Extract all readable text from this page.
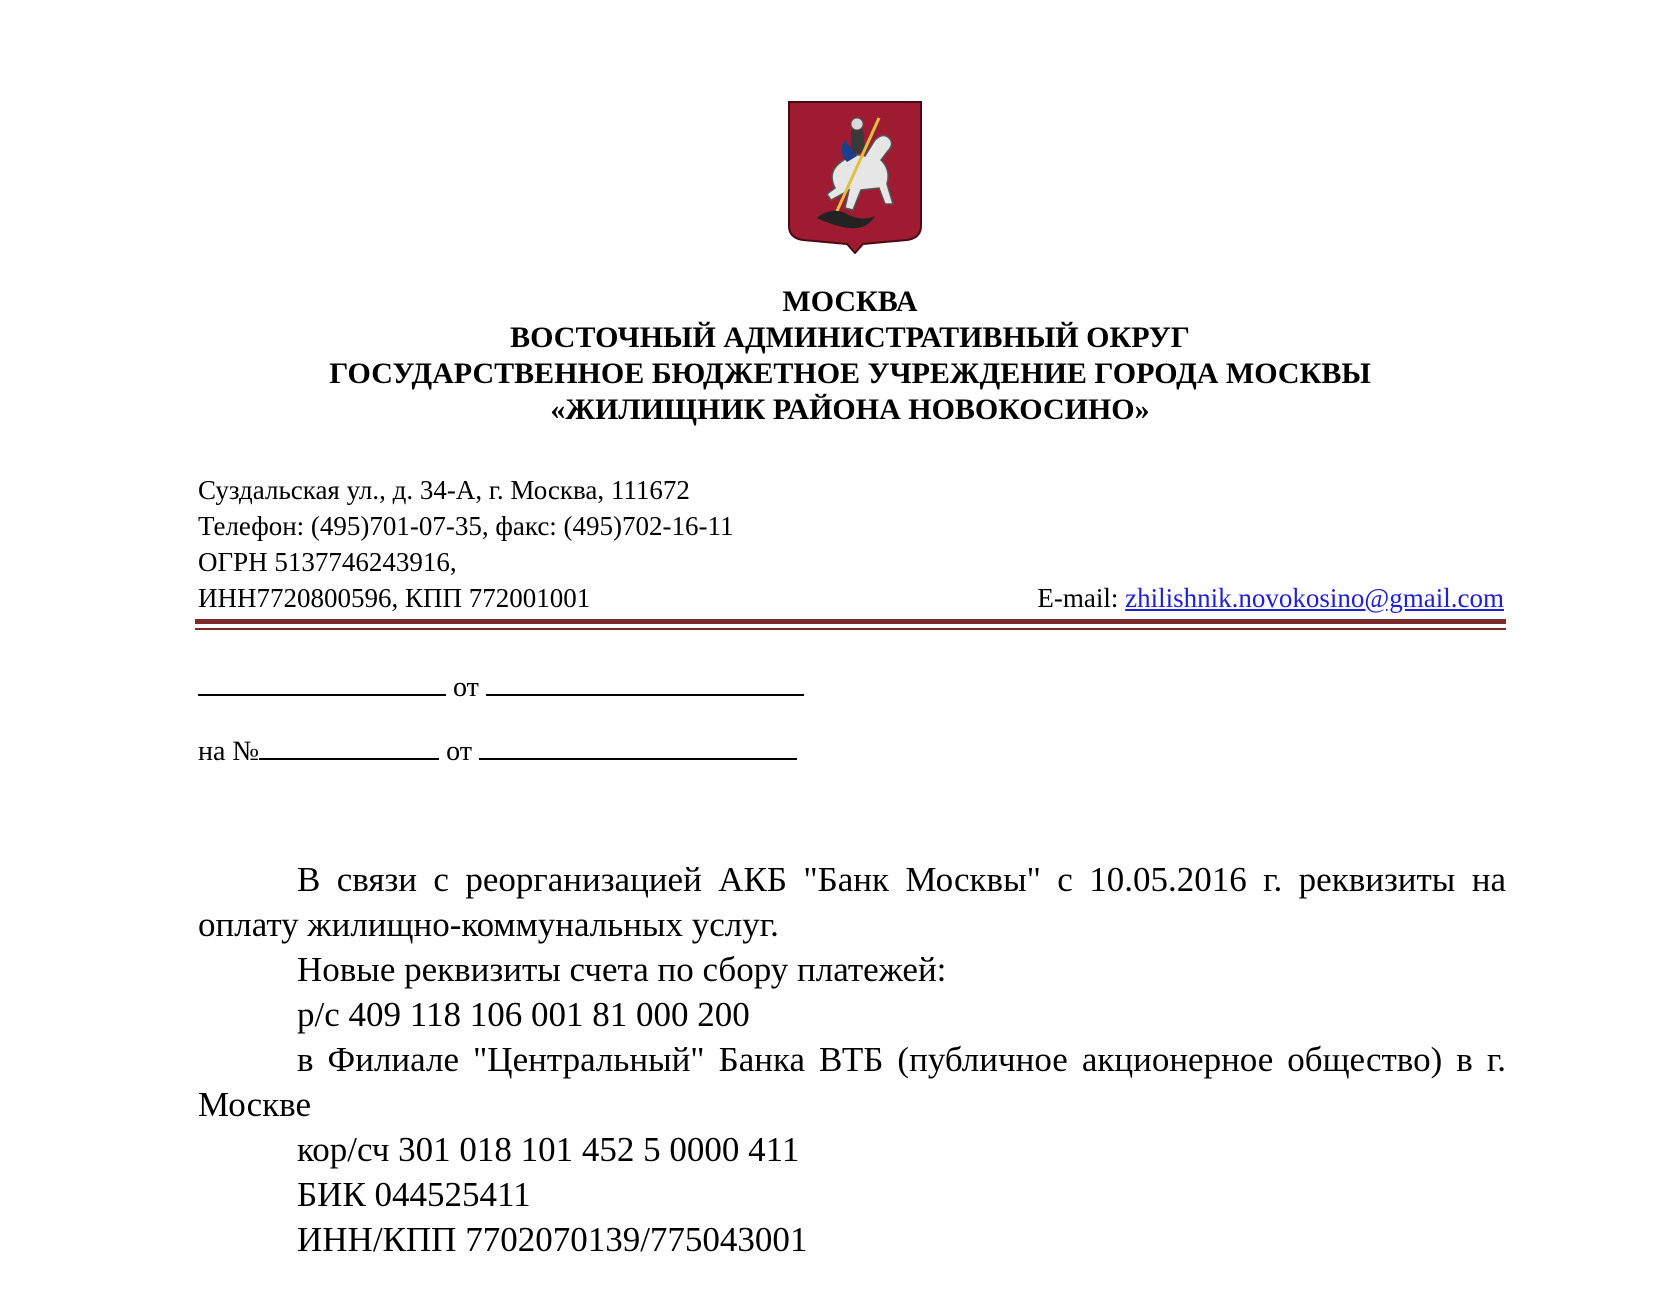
МОСКВА
ВОСТОЧНЫЙ АДМИНИСТРАТИВНЫЙ ОКРУГ
ГОСУДАРСТВЕННОЕ БЮДЖЕТНОЕ УЧРЕЖДЕНИЕ ГОРОДА МОСКВЫ
«ЖИЛИЩНИК РАЙОНА НОВОКОСИНО»
Суздальская ул., д. 34-А, г. Москва, 111672
Телефон: (495)701-07-35, факс: (495)702-16-11
ОГРН 5137746243916,
ИНН7720800596, КПП 772001001	E-mail: zhilishnik.novokosino@gmail.com
от
на №	от

В связи с реорганизацией АКБ "Банк Москвы" с 10.05.2016 г. реквизиты на оплату жилищно-коммунальных услуг.

Новые реквизиты счета по сбору платежей:

р/с 409 118 106 001 81 000 200

в Филиале "Центральный" Банка ВТБ (публичное акционерное общество) в г. Москве

кор/сч 301 018 101 452 5 0000 411

БИК 044525411

ИНН/КПП 7702070139/775043001
